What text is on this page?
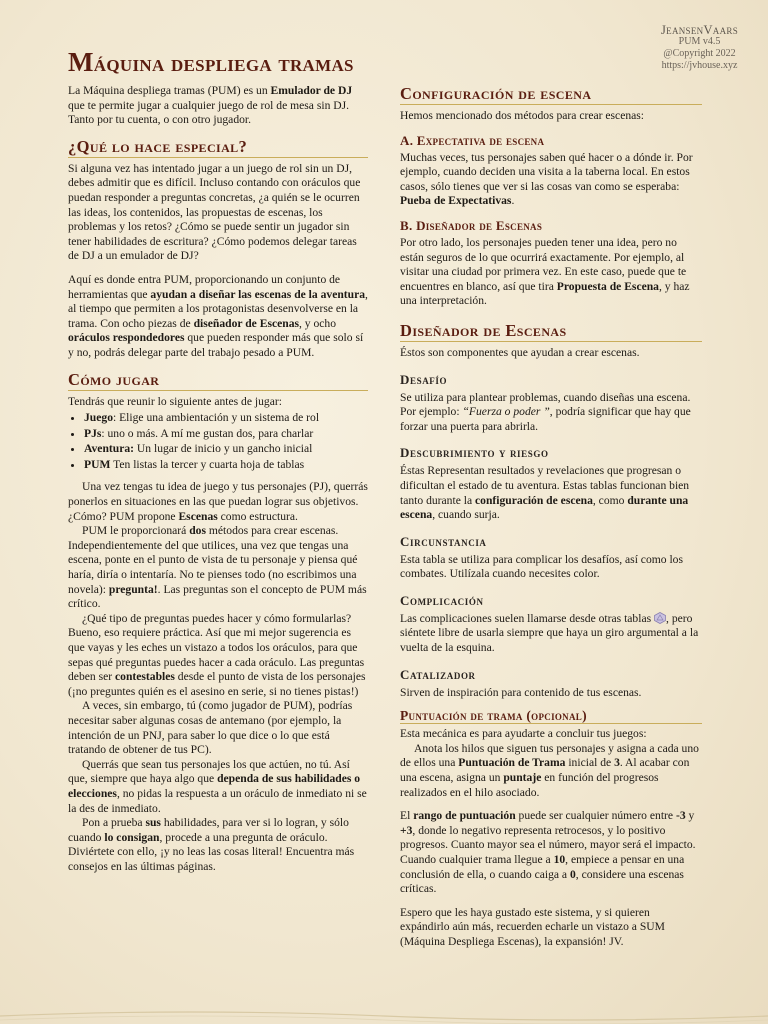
JeansenVaars
PUM v4.5
@Copyright 2022
https://jvhouse.xyz
Máquina despliega tramas

La Máquina despliega tramas (PUM) es un Emulador de DJ que te permite jugar a cualquier juego de rol de mesa sin DJ. Tanto por tu cuenta, o con otro jugador.

¿Qué lo hace especial?

Si alguna vez has intentado jugar a un juego de rol sin un DJ, debes admitir que es difícil. Incluso contando con oráculos que puedan responder a preguntas concretas, ¿a quién se le ocurren las ideas, los contenidos, las propuestas de escenas, los problemas y los retos? ¿Cómo se puede sentir un jugador sin tener habilidades de escritura? ¿Cómo podemos delegar tareas de DJ a un emulador de DJ?

Aquí es donde entra PUM, proporcionando un conjunto de herramientas que ayudan a diseñar las escenas de la aventura, al tiempo que permiten a los protagonistas desenvolverse en la trama. Con ocho piezas de diseñador de Escenas, y ocho oráculos respondedores que pueden responder más que solo sí y no, podrás delegar parte del trabajo pesado a PUM.

Cómo jugar

Tendrás que reunir lo siguiente antes de jugar:

• Juego: Elige una ambientación y un sistema de rol
• PJs: uno o más. A mí me gustan dos, para charlar
• Aventura: Un lugar de inicio y un gancho inicial
• PUM Ten listas la tercer y cuarta hoja de tablas

Una vez tengas tu idea de juego y tus personajes (PJ), querrás ponerlos en situaciones en las que puedan lograr sus objetivos. ¿Cómo? PUM propone Escenas como estructura.

PUM le proporcionará dos métodos para crear escenas. Independientemente del que utilices, una vez que tengas una escena, ponte en el punto de vista de tu personaje y piensa qué haría, diría o intentaría. No te pienses todo (no escribimos una novela): pregunta!. Las preguntas son el concepto de PUM más crítico.

¿Qué tipo de preguntas puedes hacer y cómo formularlas? Bueno, eso requiere práctica. Así que mi mejor sugerencia es que vayas y les eches un vistazo a todos los oráculos, para que sepas qué preguntas puedes hacer a cada oráculo. Las preguntas deben ser contestables desde el punto de vista de los personajes (¡no preguntes quién es el asesino en serie, si no tienes pistas!)

A veces, sin embargo, tú (como jugador de PUM), podrías necesitar saber algunas cosas de antemano (por ejemplo, la intención de un PNJ, para saber lo que dice o lo que está tratando de obtener de tus PC).

Querrás que sean tus personajes los que actúen, no tú. Así que, siempre que haya algo que dependa de sus habilidades o elecciones, no pidas la respuesta a un oráculo de inmediato ni se la des de inmediato.

Pon a prueba sus habilidades, para ver si lo logran, y sólo cuando lo consigan, procede a una pregunta de oráculo. Diviértete con ello, ¡y no leas las cosas literal! Encuentra más consejos en las últimas páginas.

Configuración de escena

Hemos mencionado dos métodos para crear escenas:

A. Expectativa de escena

Muchas veces, tus personajes saben qué hacer o a dónde ir. Por ejemplo, cuando deciden una visita a la taberna local. En estos casos, sólo tienes que ver si las cosas van como se esperaba: Pueba de Expectativas.

B. Diseñador de Escenas

Por otro lado, los personajes pueden tener una idea, pero no están seguros de lo que ocurrirá exactamente. Por ejemplo, al visitar una ciudad por primera vez. En este caso, puede que te encuentres en blanco, así que tira Propuesta de Escena, y haz una interpretación.

Diseñador de Escenas

Éstos son componentes que ayudan a crear escenas.

Desafío

Se utiliza para plantear problemas, cuando diseñas una escena. Por ejemplo: “Fuerza o poder ”, podría significar que hay que forzar una puerta para abrirla.

Descubrimiento y riesgo

Éstas Representan resultados y revelaciones que progresan o dificultan el estado de tu aventura. Estas tablas funcionan bien tanto durante la configuración de escena, como durante una escena, cuando surja.

Circunstancia

Esta tabla se utiliza para complicar los desafíos, así como los combates. Utilízala cuando necesites color.

Complicación

Las complicaciones suelen llamarse desde otras tablas , pero siéntete libre de usarla siempre que haya un giro argumental a la vuelta de la esquina.

Catalizador

Sirven de inspiración para contenido de tus escenas.

Puntuación de trama (opcional)

Esta mecánica es para ayudarte a concluir tus juegos:

Anota los hilos que siguen tus personajes y asigna a cada uno de ellos una Puntuación de Trama inicial de 3. Al acabar con una escena, asigna un puntaje en función del progresos realizados en el hilo asociado.

El rango de puntuación puede ser cualquier número entre -3 y +3, donde lo negativo representa retrocesos, y lo positivo progresos. Cuanto mayor sea el número, mayor será el impacto. Cuando cualquier trama llegue a 10, empiece a pensar en una conclusión de ella, o cuando caiga a 0, considere una escenas críticas.

Espero que les haya gustado este sistema, y si quieren expándirlo aún más, recuerden echarle un vistazo a SUM (Máquina Despliega Escenas), la expansión! JV.
